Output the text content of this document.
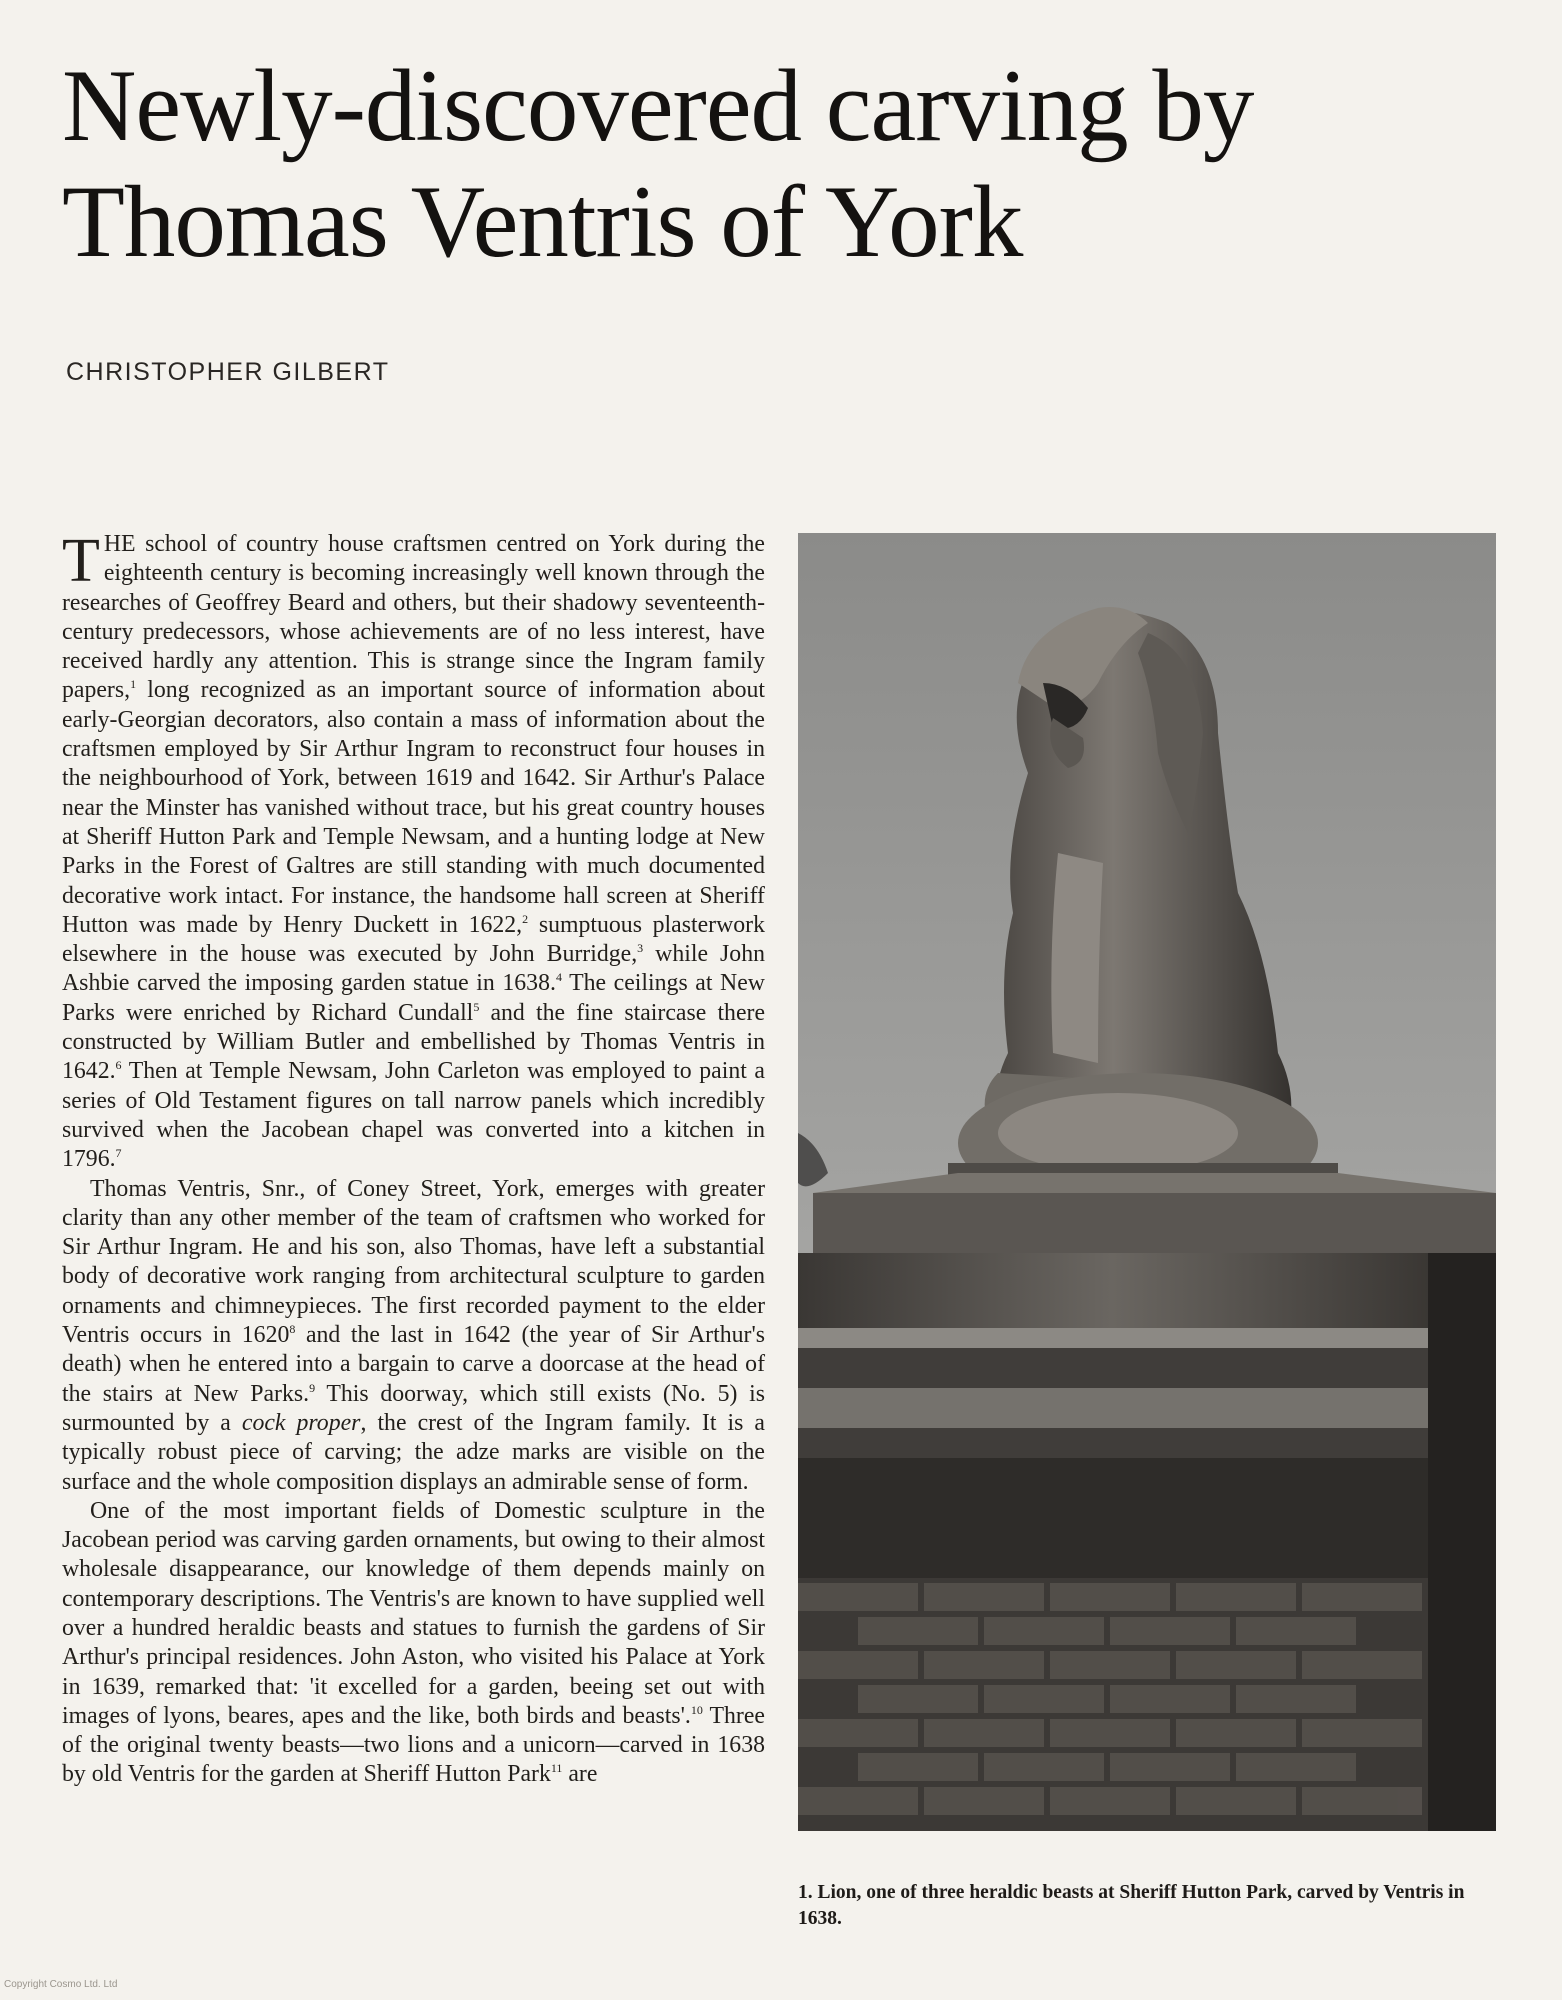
Newly-discovered carving by
Thomas Ventris of York
CHRISTOPHER GILBERT

THE school of country house craftsmen centred on York during the eighteenth century is becoming increasingly well known through the researches of Geoffrey Beard and others, but their shadowy seventeenth-century predecessors, whose achievements are of no less interest, have received hardly any attention. This is strange since the Ingram family papers,$^1$ long recognized as an important source of information about early-Georgian decorators, also contain a mass of information about the craftsmen employed by Sir Arthur Ingram to reconstruct four houses in the neighbourhood of York, between 1619 and 1642. Sir Arthur's Palace near the Minster has vanished without trace, but his great country houses at Sheriff Hutton Park and Temple Newsam, and a hunting lodge at New Parks in the Forest of Galtres are still standing with much documented decorative work intact. For instance, the handsome hall screen at Sheriff Hutton was made by Henry Duckett in 1622,$^2$ sumptuous plasterwork elsewhere in the house was executed by John Burridge,$^3$ while John Ashbie carved the imposing garden statue in 1638.$^4$ The ceilings at New Parks were enriched by Richard Cundall$^5$ and the fine staircase there constructed by William Butler and embellished by Thomas Ventris in 1642.$^6$ Then at Temple Newsam, John Carleton was employed to paint a series of Old Testament figures on tall narrow panels which incredibly survived when the Jacobean chapel was converted into a kitchen in 1796.$^7$

Thomas Ventris, Snr., of Coney Street, York, emerges with greater clarity than any other member of the team of craftsmen who worked for Sir Arthur Ingram. He and his son, also Thomas, have left a substantial body of decorative work ranging from architectural sculpture to garden ornaments and chimneypieces. The first recorded payment to the elder Ventris occurs in 1620$^8$ and the last in 1642 (the year of Sir Arthur's death) when he entered into a bargain to carve a doorcase at the head of the stairs at New Parks.$^9$ This doorway, which still exists (No. 5) is surmounted by a cock proper, the crest of the Ingram family. It is a typically robust piece of carving; the adze marks are visible on the surface and the whole composition displays an admirable sense of form.

One of the most important fields of Domestic sculpture in the Jacobean period was carving garden ornaments, but owing to their almost wholesale disappearance, our knowledge of them depends mainly on contemporary descriptions. The Ventris's are known to have supplied well over a hundred heraldic beasts and statues to furnish the gardens of Sir Arthur's principal residences. John Aston, who visited his Palace at York in 1639, remarked that: 'it excelled for a garden, beeing set out with images of lyons, beares, apes and the like, both birds and beasts'.$^{10}$ Three of the original twenty beasts—two lions and a unicorn—carved in 1638 by old Ventris for the garden at Sheriff Hutton Park$^{11}$ are

1. Lion, one of three heraldic beasts at Sheriff Hutton Park, carved by Ventris in 1638.
Copyright Cosmo Ltd. Ltd
